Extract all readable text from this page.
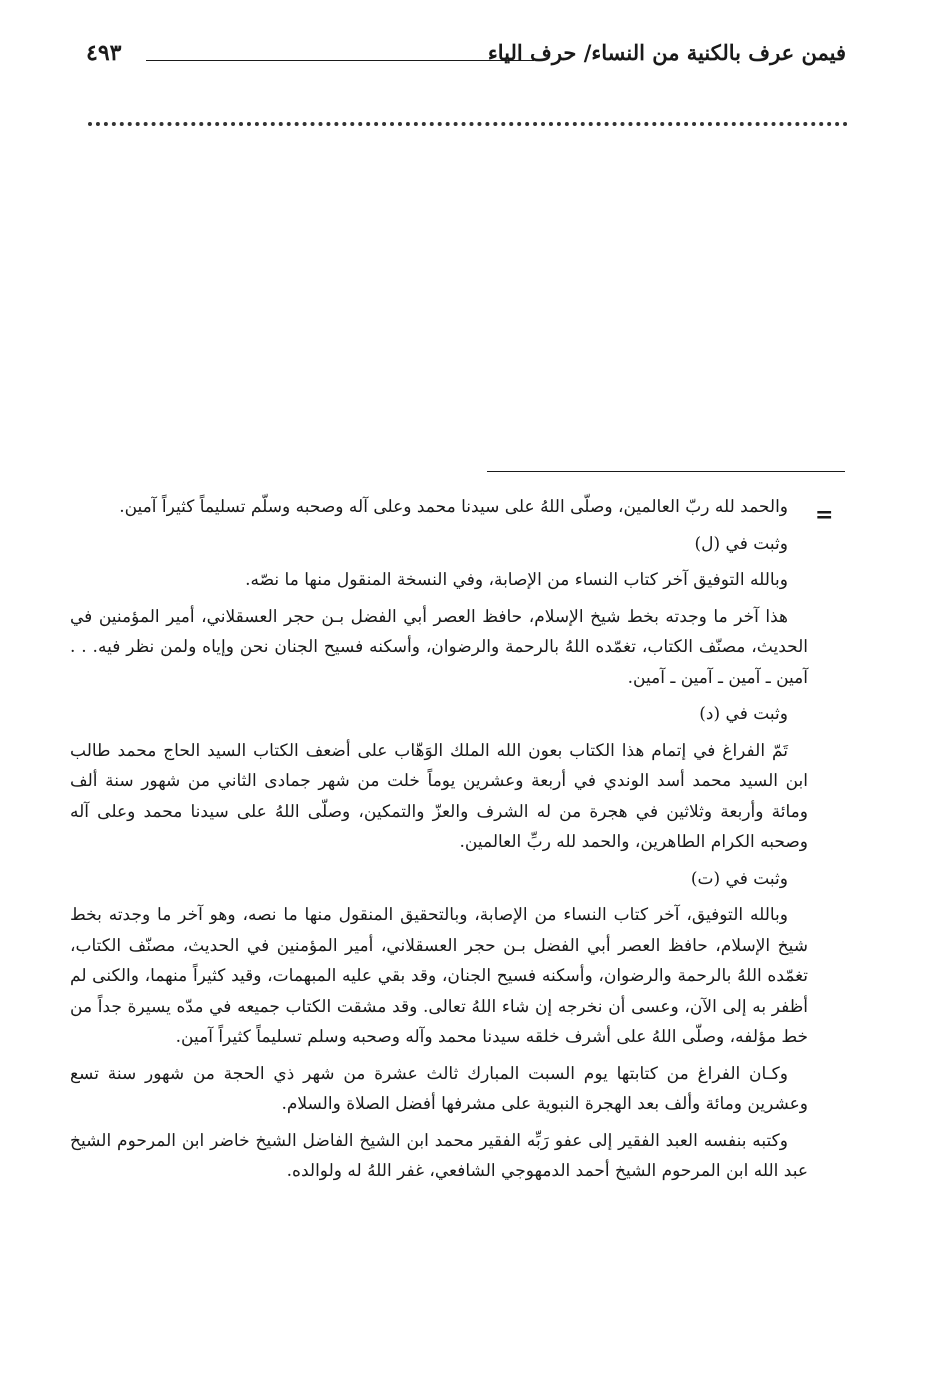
فيمن عرف بالكنية من النساء/ حرف الياء
٤٩٣
=

والحمد لله ربّ العالمين، وصلّى اللهُ على سيدنا محمد وعلى آله وصحبه وسلّم تسليماً كثيراً آمين.

وثبت في (ل)

وبالله التوفيق آخر كتاب النساء من الإصابة، وفي النسخة المنقول منها ما نصّه.

هذا آخر ما وجدته بخط شيخ الإسلام، حافظ العصر أبي الفضل بـن حجر العسقلاني، أمير المؤمنين في الحديث، مصنّف الكتاب، تغمّده اللهُ بالرحمة والرضوان، وأسكنه فسيح الجنان نحن وإياه ولمن نظر فيه. . . آمين ـ آمين ـ آمين ـ آمين.

وثبت في (د)

تَمّ الفراغ في إتمام هذا الكتاب بعون الله الملك الوَهّاب على أضعف الكتاب السيد الحاج محمد طالب ابن السيد محمد أسد الوندي في أربعة وعشرين يوماً خلت من شهر جمادى الثاني من شهور سنة ألف ومائة وأربعة وثلاثين في هجرة من له الشرف والعزّ والتمكين، وصلّى اللهُ على سيدنا محمد وعلى آله وصحبه الكرام الطاهرين، والحمد لله ربِّ العالمين.

وثبت في (ت)

وبالله التوفيق، آخر كتاب النساء من الإصابة، وبالتحقيق المنقول منها ما نصه، وهو آخر ما وجدته بخط شيخ الإسلام، حافظ العصر أبي الفضل بـن حجر العسقلاني، أمير المؤمنين في الحديث، مصنّف الكتاب، تغمّده اللهُ بالرحمة والرضوان، وأسكنه فسيح الجنان، وقد بقي عليه المبهمات، وقيد كثيراً منهما، والكنى لم أظفر به إلى الآن، وعسى أن نخرجه إن شاء اللهُ تعالى. وقد مشقت الكتاب جميعه في مدّه يسيرة جداً من خط مؤلفه، وصلّى اللهُ على أشرف خلقه سيدنا محمد وآله وصحبه وسلم تسليماً كثيراً آمين.

وكـان الفراغ من كتابتها يوم السبت المبارك ثالث عشرة من شهر ذي الحجة من شهور سنة تسع وعشرين ومائة وألف بعد الهجرة النبوية على مشرفها أفضل الصلاة والسلام.

وكتبه بنفسه العبد الفقير إلى عفو رَبِّه الفقير محمد ابن الشيخ الفاضل الشيخ خاضر ابن المرحوم الشيخ عبد الله ابن المرحوم الشيخ أحمد الدمهوجي الشافعي، غفر اللهُ له ولوالده.
